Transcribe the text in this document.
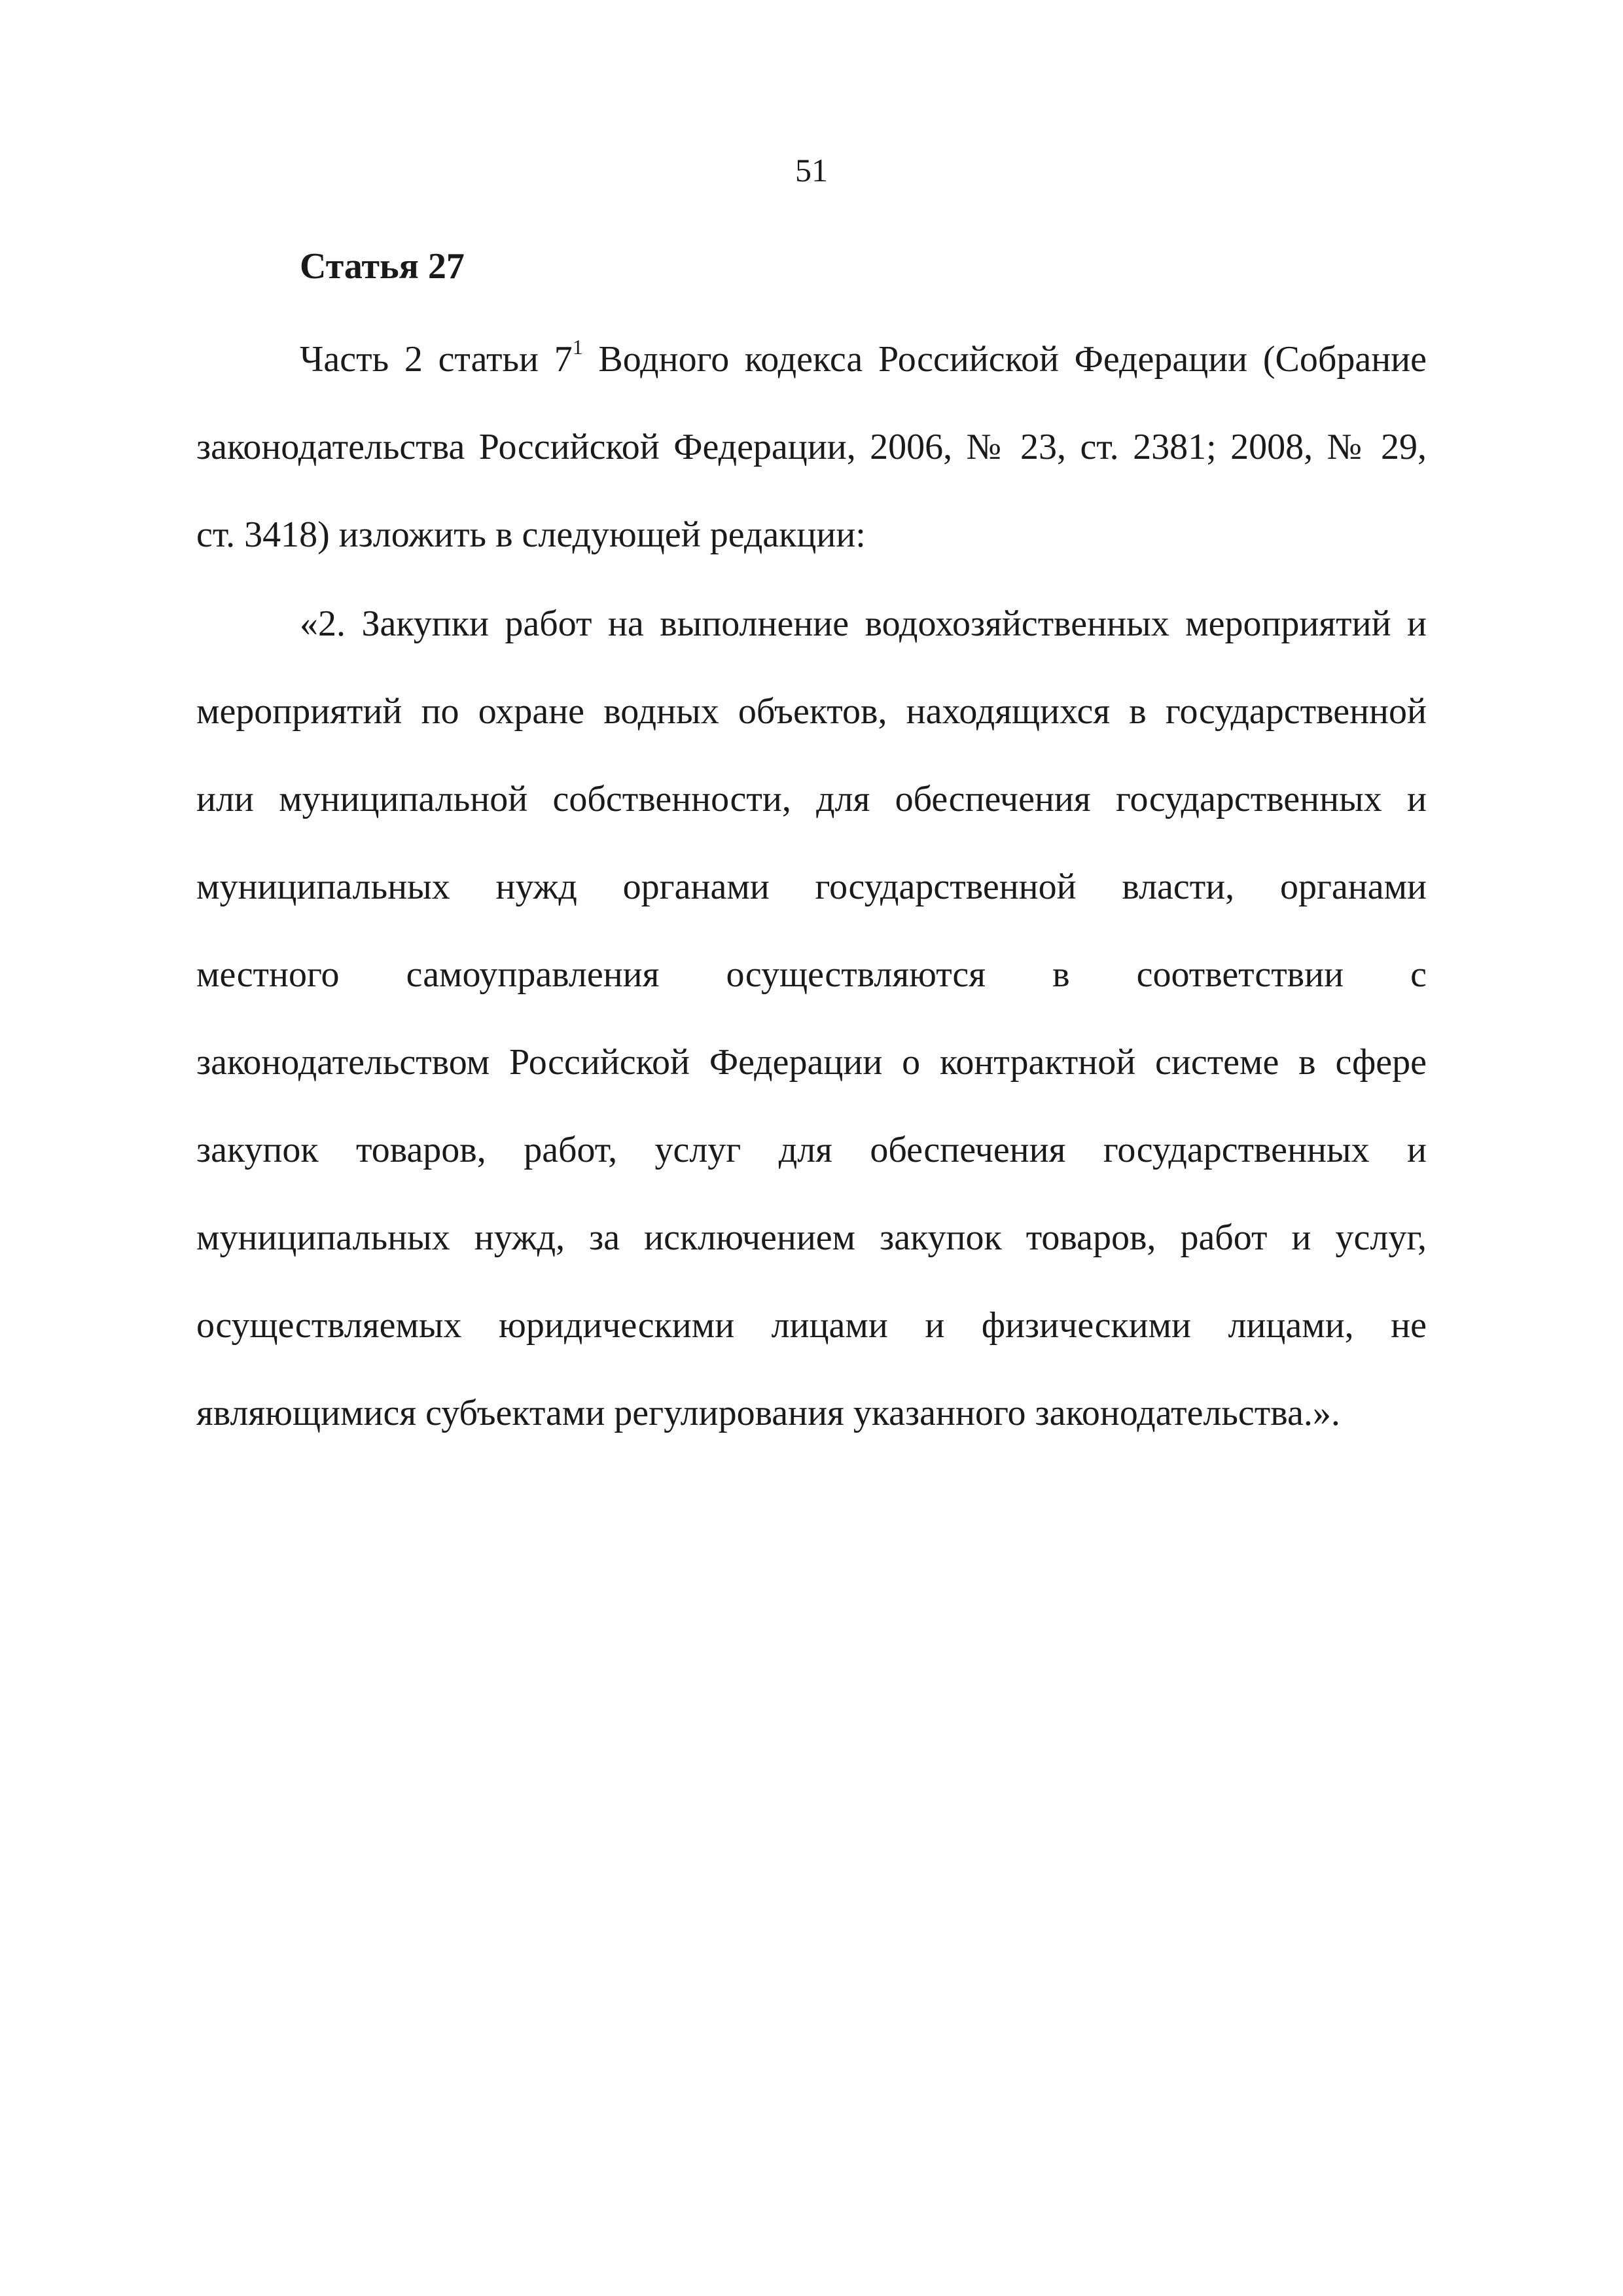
51
Статья 27
Часть 2 статьи $7^1$ Водного кодекса Российской Федерации (Собрание
законодательства Российской Федерации, 2006, № 23, ст. 2381; 2008, № 29,
ст. 3418) изложить в следующей редакции:
«2. Закупки работ на выполнение водохозяйственных мероприятий и
мероприятий по охране водных объектов, находящихся в государственной
или муниципальной собственности, для обеспечения государственных и
муниципальных нужд органами государственной власти, органами
местного самоуправления осуществляются в соответствии с
законодательством Российской Федерации о контрактной системе в сфере
закупок товаров, работ, услуг для обеспечения государственных и
муниципальных нужд, за исключением закупок товаров, работ и услуг,
осуществляемых юридическими лицами и физическими лицами, не
являющимися субъектами регулирования указанного законодательства.».
